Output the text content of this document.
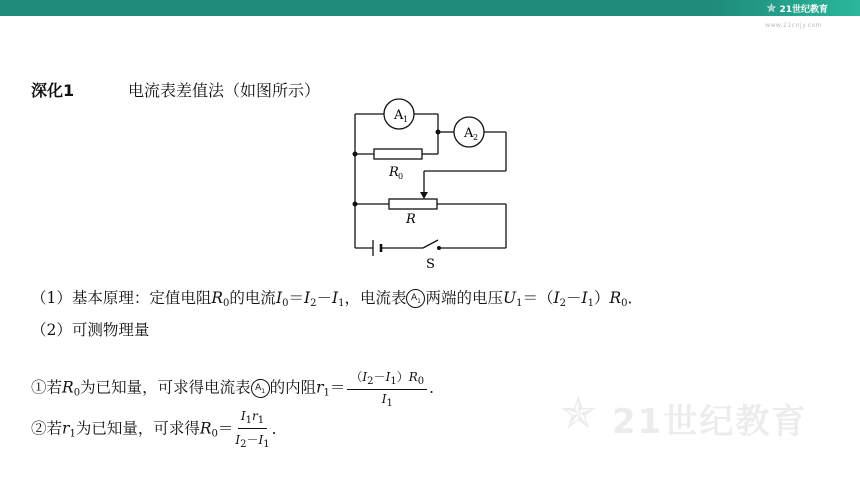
✯ 21世纪教育
www.21cnjy.com
深化1	电流表差值法（如图所示）
A 1
A 2
R 0
R
S
（1）基本原理：定值电阻$R_0$的电流$I_0=I_2-I_1$，电流表 $A_1$ 两端的电压$U_1=(I_2-I_1)R_0$．
（2）可测物理量
①若$R_0$为已知量，可求得电流表 $A_1$ 的内阻$r_1= \frac{(I_2-I_1)R_0}{I_1}$ ．
②若$r_1$为已知量，可求得$R_0= \frac{I_1r_1}{I_2-I_1}$ ．	✯ 21世纪教育
